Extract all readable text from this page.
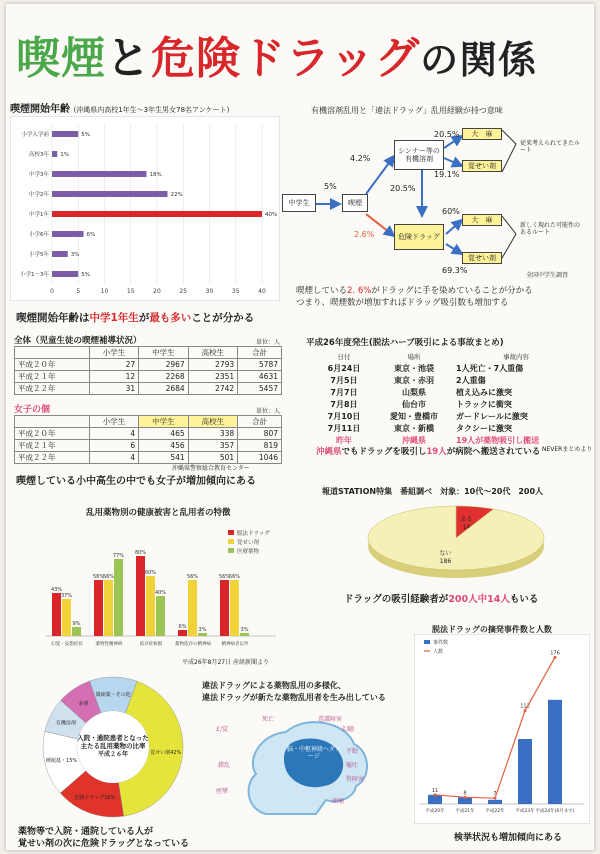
喫煙と危険ドラッグの関係
喫煙開始年齢 (沖縄県内高校1年生～3年生男女78名アンケート)
0	5	10	15	20	25	30	35	40
小学入学前	5%
高校3年 1%
中学3年	18%
中学2年	22%
中学1年	40%
小学6年	6%
小学5年	3%
小学1～3年	5%
喫煙開始年齢は中学1年生が最も多いことが分かる
有機溶剤乱用と「違法ドラッグ」乱用経験が持つ意味
中学生	喫煙
シンナー等の有機溶剤
危険ドラッグ
大　麻
覚せい剤
大　麻
覚せい剤
5%
4.2%
2.6%
20.5%
20.5%
19.1%
60%
69.3%
従来考えられてきたルート
新しく現れた可能性のあるルート
全国中学生調査
喫煙している2. 6%がドラッグに手を染めていることが分かる
つまり、喫煙数が増加すればドラッグ吸引数も増加する
全体（児童生徒の喫煙補導状況）	単位：人
	小学生	中学生	高校生	合計
平成２０年	27	2967	2793	5787
平成２１年	12	2268	2351	4631
平成２２年	31	2684	2742	5457
女子の個	単位：人
	小学生	中学生	高校生	合計
平成２０年	4	465	338	807
平成２１年	6	456	357	819
平成２２年	4	541	501	1046
沖縄県警察総合教育センター
喫煙している小中高生の中でも女子が増加傾向にある
平成26年度発生(脱法ハーブ吸引による事故まとめ)
日付	場所	事故内容
6月24日	東京・池袋	1人死亡・7人重傷
7月5日	東京・赤羽	2人重傷
7月7日	山梨県	植え込みに激突
7月8日	仙台市	トラックに衝突
7月10日	愛知・豊橋市	ガードレールに激突
7月11日	東京・新橋	タクシーに激突
昨年	沖縄県	19人が薬物吸引し搬送
NEVERまとめより
沖縄県でもドラッグを吸引し19人が病院へ搬送されている
報道STATION特集　番組調べ　対象：10代～20代　200人
ある
14
ない
186
ドラッグの吸引経験者が200人中14人もいる
乱用薬物別の健康被害と乱用者の特徴
43%
37%
9%
幻覚・妄想症状
56%
56%
77%
薬物性精神病
80%
60%
40%
依存症候群
6%
56%
3%
薬物依存の精神病
56%
56%
3%
精神病者以外
脱法ドラッグ
覚せい剤
医療薬物
平成26年8月27日 産経新聞より
違法ドラッグによる薬物乱用の多様化、
違法ドラッグが新たな薬物乱用者を生み出している
覚せい剤42%
危険ドラッグ16%
睡眠薬・15%
有機溶剤
多剤
鎮痛薬・その他
入院・通院患者となった
主たる乱用薬物の比率
平成２６年
薬物等で入院・通院している人が
覚せい剤の次に危険ドラッグとなっている
脳・中枢神経へダメージ
死亡
幻覚
錯乱
痙攣
意識障害
幻聴
不眠
嘔吐
腎障害
頭痛
脱法ドラッグの摘発事件数と人数
11
平成20年
8
平成21年
7
平成22年
112
平成23年
176
平成24年(6月まで)
事件数
人数
検挙状況も増加傾向にある
